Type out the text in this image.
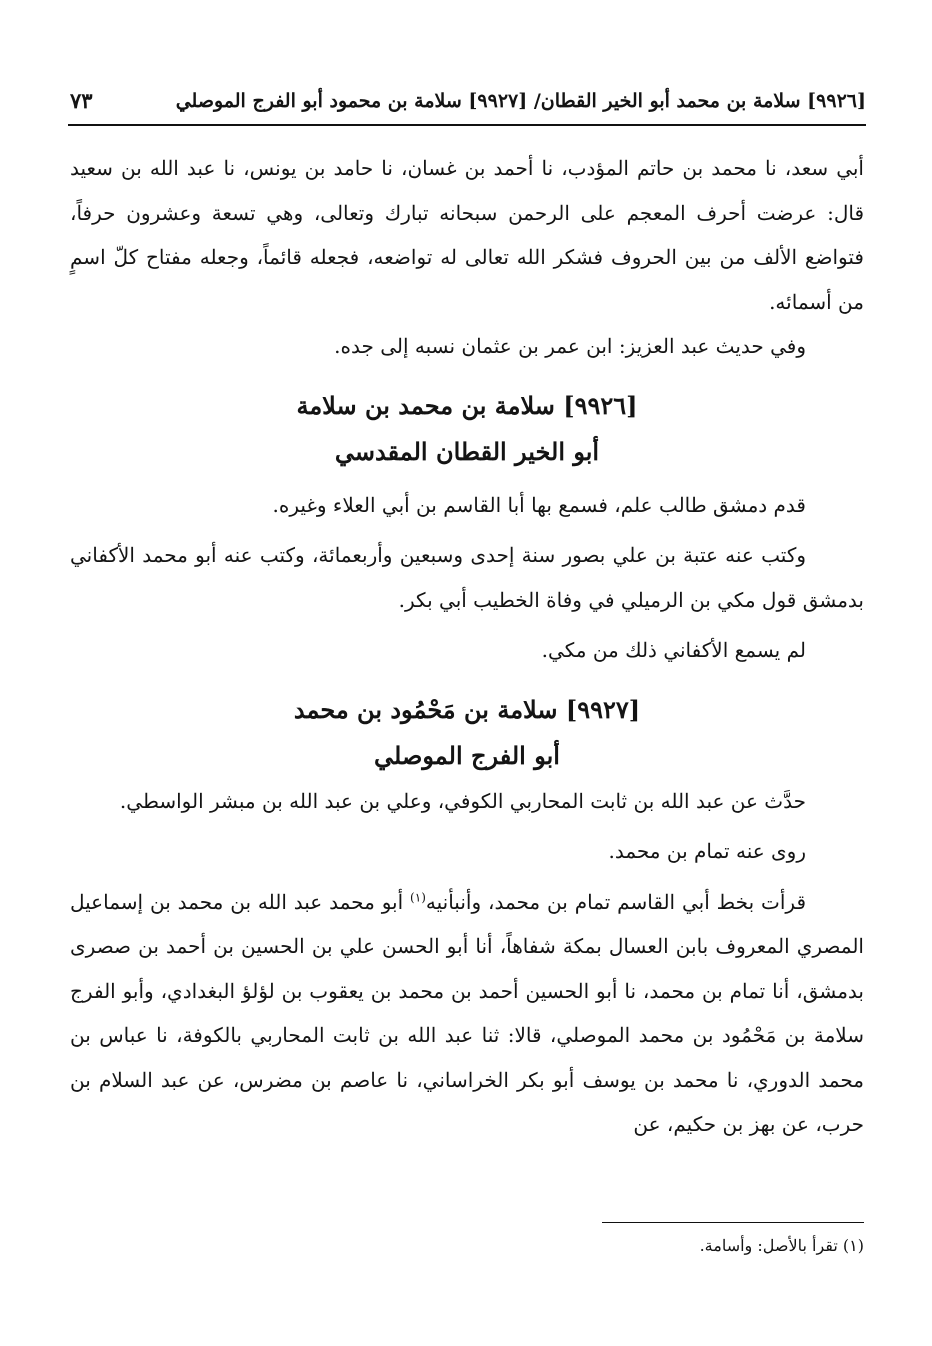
[٩٩٢٦] سلامة بن محمد أبو الخير القطان/ [٩٩٢٧] سلامة بن محمود أبو الفرج الموصلي
٧٣

أبي سعد، نا محمد بن حاتم المؤدب، نا أحمد بن غسان، نا حامد بن يونس، نا عبد الله بن سعيد قال: عرضت أحرف المعجم على الرحمن سبحانه تبارك وتعالى، وهي تسعة وعشرون حرفاً، فتواضع الألف من بين الحروف فشكر الله تعالى له تواضعه، فجعله قائماً، وجعله مفتاح كلّ اسمٍ من أسمائه.

وفي حديث عبد العزيز: ابن عمر بن عثمان نسبه إلى جده.

[٩٩٢٦] سلامة بن محمد بن سلامة
أبو الخير القطان المقدسي

قدم دمشق طالب علم، فسمع بها أبا القاسم بن أبي العلاء وغيره.

وكتب عنه عتبة بن علي بصور سنة إحدى وسبعين وأربعمائة، وكتب عنه أبو محمد الأكفاني بدمشق قول مكي بن الرميلي في وفاة الخطيب أبي بكر.

لم يسمع الأكفاني ذلك من مكي.

[٩٩٢٧] سلامة بن مَحْمُود بن محمد
أبو الفرج الموصلي

حدَّث عن عبد الله بن ثابت المحاربي الكوفي، وعلي بن عبد الله بن مبشر الواسطي.

روى عنه تمام بن محمد.

قرأت بخط أبي القاسم تمام بن محمد، وأنبأنيه$^{(١)}$ أبو محمد عبد الله بن محمد بن إسماعيل المصري المعروف بابن العسال بمكة شفاهاً، أنا أبو الحسن علي بن الحسين بن أحمد بن صصرى بدمشق، أنا تمام بن محمد، نا أبو الحسين أحمد بن محمد بن يعقوب بن لؤلؤ البغدادي، وأبو الفرج سلامة بن مَحْمُود بن محمد الموصلي، قالا: ثنا عبد الله بن ثابت المحاربي بالكوفة، نا عباس بن محمد الدوري، نا محمد بن يوسف أبو بكر الخراساني، نا عاصم بن مضرس، عن عبد السلام بن حرب، عن بهز بن حكيم، عن

(١) تقرأ بالأصل: وأسامة.
